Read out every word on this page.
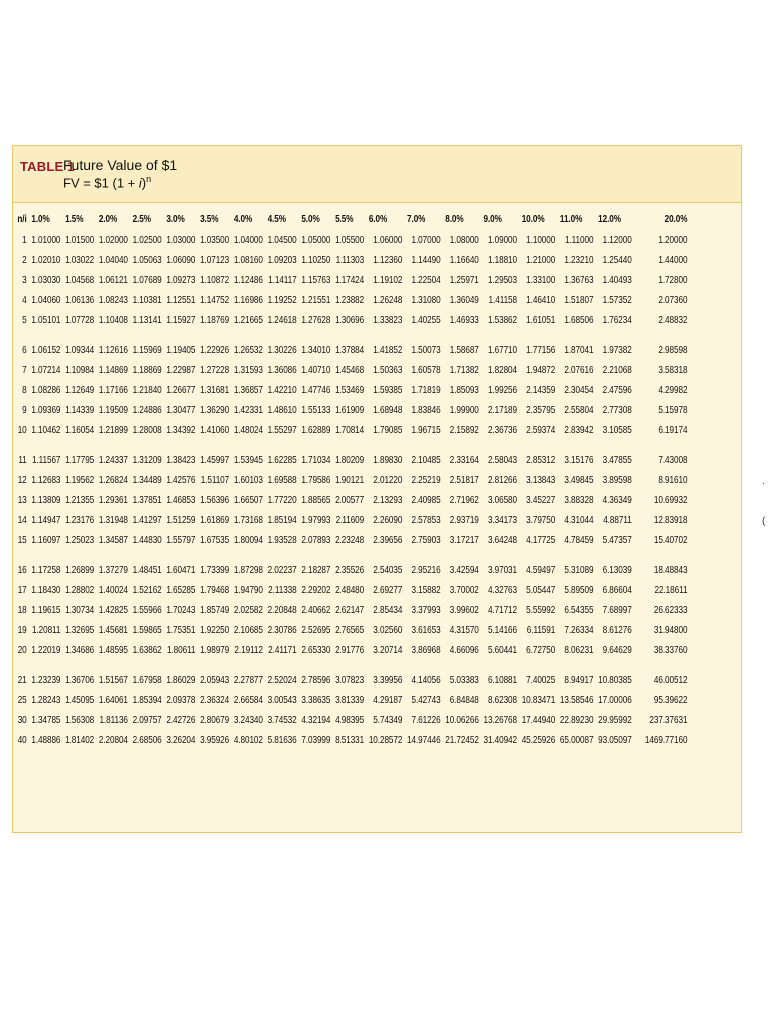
TABLE 1
Future Value of $1
FV = $1 $(1 + i)^n$
n/i	1.0%	1.5%	2.0%	2.5%	3.0%	3.5%	4.0%	4.5%	5.0%	5.5%	6.0%	7.0%	8.0%	9.0%	10.0%	11.0%	12.0%	20.0%
1	1.01000	1.01500	1.02000	1.02500	1.03000	1.03500	1.04000	1.04500	1.05000	1.05500	1.06000	1.07000	1.08000	1.09000	1.10000	1.11000	1.12000	1.20000
2	1.02010	1.03022	1.04040	1.05063	1.06090	1.07123	1.08160	1.09203	1.10250	1.11303	1.12360	1.14490	1.16640	1.18810	1.21000	1.23210	1.25440	1.44000
3	1.03030	1.04568	1.06121	1.07689	1.09273	1.10872	1.12486	1.14117	1.15763	1.17424	1.19102	1.22504	1.25971	1.29503	1.33100	1.36763	1.40493	1.72800
4	1.04060	1.06136	1.08243	1.10381	1.12551	1.14752	1.16986	1.19252	1.21551	1.23882	1.26248	1.31080	1.36049	1.41158	1.46410	1.51807	1.57352	2.07360
5	1.05101	1.07728	1.10408	1.13141	1.15927	1.18769	1.21665	1.24618	1.27628	1.30696	1.33823	1.40255	1.46933	1.53862	1.61051	1.68506	1.76234	2.48832

6	1.06152	1.09344	1.12616	1.15969	1.19405	1.22926	1.26532	1.30226	1.34010	1.37884	1.41852	1.50073	1.58687	1.67710	1.77156	1.87041	1.97382	2.98598
7	1.07214	1.10984	1.14869	1.18869	1.22987	1.27228	1.31593	1.36086	1.40710	1.45468	1.50363	1.60578	1.71382	1.82804	1.94872	2.07616	2.21068	3.58318
8	1.08286	1.12649	1.17166	1.21840	1.26677	1.31681	1.36857	1.42210	1.47746	1.53469	1.59385	1.71819	1.85093	1.99256	2.14359	2.30454	2.47596	4.29982
9	1.09369	1.14339	1.19509	1.24886	1.30477	1.36290	1.42331	1.48610	1.55133	1.61909	1.68948	1.83846	1.99900	2.17189	2.35795	2.55804	2.77308	5.15978
10	1.10462	1.16054	1.21899	1.28008	1.34392	1.41060	1.48024	1.55297	1.62889	1.70814	1.79085	1.96715	2.15892	2.36736	2.59374	2.83942	3.10585	6.19174

11	1.11567	1.17795	1.24337	1.31209	1.38423	1.45997	1.53945	1.62285	1.71034	1.80209	1.89830	2.10485	2.33164	2.58043	2.85312	3.15176	3.47855	7.43008
12	1.12683	1.19562	1.26824	1.34489	1.42576	1.51107	1.60103	1.69588	1.79586	1.90121	2.01220	2.25219	2.51817	2.81266	3.13843	3.49845	3.89598	8.91610
13	1.13809	1.21355	1.29361	1.37851	1.46853	1.56396	1.66507	1.77220	1.88565	2.00577	2.13293	2.40985	2.71962	3.06580	3.45227	3.88328	4.36349	10.69932
14	1.14947	1.23176	1.31948	1.41297	1.51259	1.61869	1.73168	1.85194	1.97993	2.11609	2.26090	2.57853	2.93719	3.34173	3.79750	4.31044	4.88711	12.83918
15	1.16097	1.25023	1.34587	1.44830	1.55797	1.67535	1.80094	1.93528	2.07893	2.23248	2.39656	2.75903	3.17217	3.64248	4.17725	4.78459	5.47357	15.40702

16	1.17258	1.26899	1.37279	1.48451	1.60471	1.73399	1.87298	2.02237	2.18287	2.35526	2.54035	2.95216	3.42594	3.97031	4.59497	5.31089	6.13039	18.48843
17	1.18430	1.28802	1.40024	1.52162	1.65285	1.79468	1.94790	2.11338	2.29202	2.48480	2.69277	3.15882	3.70002	4.32763	5.05447	5.89509	6.86604	22.18611
18	1.19615	1.30734	1.42825	1.55966	1.70243	1.85749	2.02582	2.20848	2.40662	2.62147	2.85434	3.37993	3.99602	4.71712	5.55992	6.54355	7.68997	26.62333
19	1.20811	1.32695	1.45681	1.59865	1.75351	1.92250	2.10685	2.30786	2.52695	2.76565	3.02560	3.61653	4.31570	5.14166	6.11591	7.26334	8.61276	31.94800
20	1.22019	1.34686	1.48595	1.63862	1.80611	1.98979	2.19112	2.41171	2.65330	2.91776	3.20714	3.86968	4.66096	5.60441	6.72750	8.06231	9.64629	38.33760

21	1.23239	1.36706	1.51567	1.67958	1.86029	2.05943	2.27877	2.52024	2.78596	3.07823	3.39956	4.14056	5.03383	6.10881	7.40025	8.94917	10.80385	46.00512
25	1.28243	1.45095	1.64061	1.85394	2.09378	2.36324	2.66584	3.00543	3.38635	3.81339	4.29187	5.42743	6.84848	8.62308	10.83471	13.58546	17.00006	95.39622
30	1.34785	1.56308	1.81136	2.09757	2.42726	2.80679	3.24340	3.74532	4.32194	4.98395	5.74349	7.61226	10.06266	13.26768	17.44940	22.89230	29.95992	237.37631
40	1.48886	1.81402	2.20804	2.68506	3.26204	3.95926	4.80102	5.81636	7.03999	8.51331	10.28572	14.97446	21.72452	31.40942	45.25926	65.00087	93.05097	1469.77160
·
(
